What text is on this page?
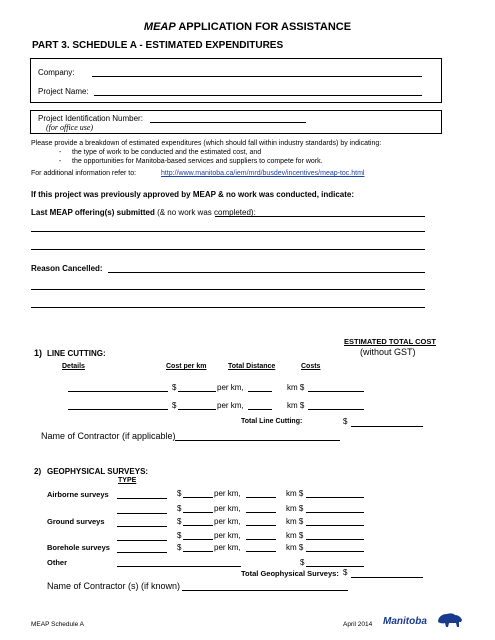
MEAP APPLICATION FOR ASSISTANCE
PART 3. SCHEDULE A - ESTIMATED EXPENDITURES
Company:
Project Name:
Project Identification Number:
(for office use)
Please provide a breakdown of estimated expenditures (which should fall within industry standards) by indicating:
- the type of work to be conducted and the estimated cost, and
- the opportunities for Manitoba-based services and suppliers to compete for work.
For additional information refer to:	http://www.manitoba.ca/iem/mrd/busdev/incentives/meap-toc.html
If this project was previously approved by MEAP & no work was conducted, indicate:
Last MEAP offering(s) submitted (& no work was completed):
Reason Cancelled:
ESTIMATED TOTAL COST
(without GST)
1) LINE CUTTING:
Details	Cost per km	Total Distance	Costs
$	per km,	km $
$	per km,	km $
Total Line Cutting:	$
Name of Contractor (if applicable)
2) GEOPHYSICAL SURVEYS:
TYPE
Airborne surveys	$	per km,	km $
$	per km,	km $
Ground surveys	$	per km,	km $
$	per km,	km $
Borehole surveys	$	per km,	km $
Other	$
Total Geophysical Surveys: $
Name of Contractor (s) (if known)
MEAP Schedule A	April 2014 Manitoba
